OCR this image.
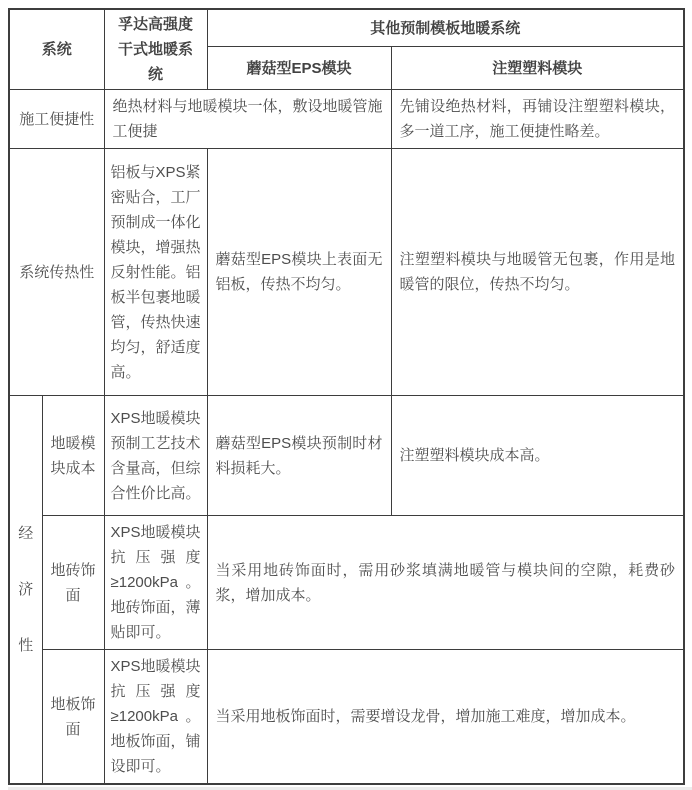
系统		孚达高强度干式地暖系统	其他预制模板地暖系统	
			蘑菇型EPS模块	注塑塑料模块
施工便捷性		绝热材料与地暖模块一体，敷设地暖管施工便捷		先铺设绝热材料，再铺设注塑塑料模块，多一道工序，施工便捷性略差。
系统传热性		铝板与XPS紧密贴合，工厂预制成一体化模块，增强热反射性能。铝板半包裹地暖管，传热快速均匀，舒适度高。	蘑菇型EPS模块上表面无铝板，传热不均匀。	注塑塑料模块与地暖管无包裹，作用是地暖管的限位，传热不均匀。

经济性	地暖模块成本	XPS地暖模块预制工艺技术含量高，但综合性价比高。	蘑菇型EPS模块预制时材料损耗大。	注塑塑料模块成本高。
	地砖饰面	XPS地暖模块抗压强度≥1200kPa。地砖饰面，薄贴即可。	当采用地砖饰面时，需用砂浆填满地暖管与模块间的空隙，耗费砂浆，增加成本。	
	地板饰面	XPS地暖模块抗压强度≥1200kPa。地板饰面，铺设即可。	当采用地板饰面时，需要增设龙骨，增加施工难度，增加成本。	
